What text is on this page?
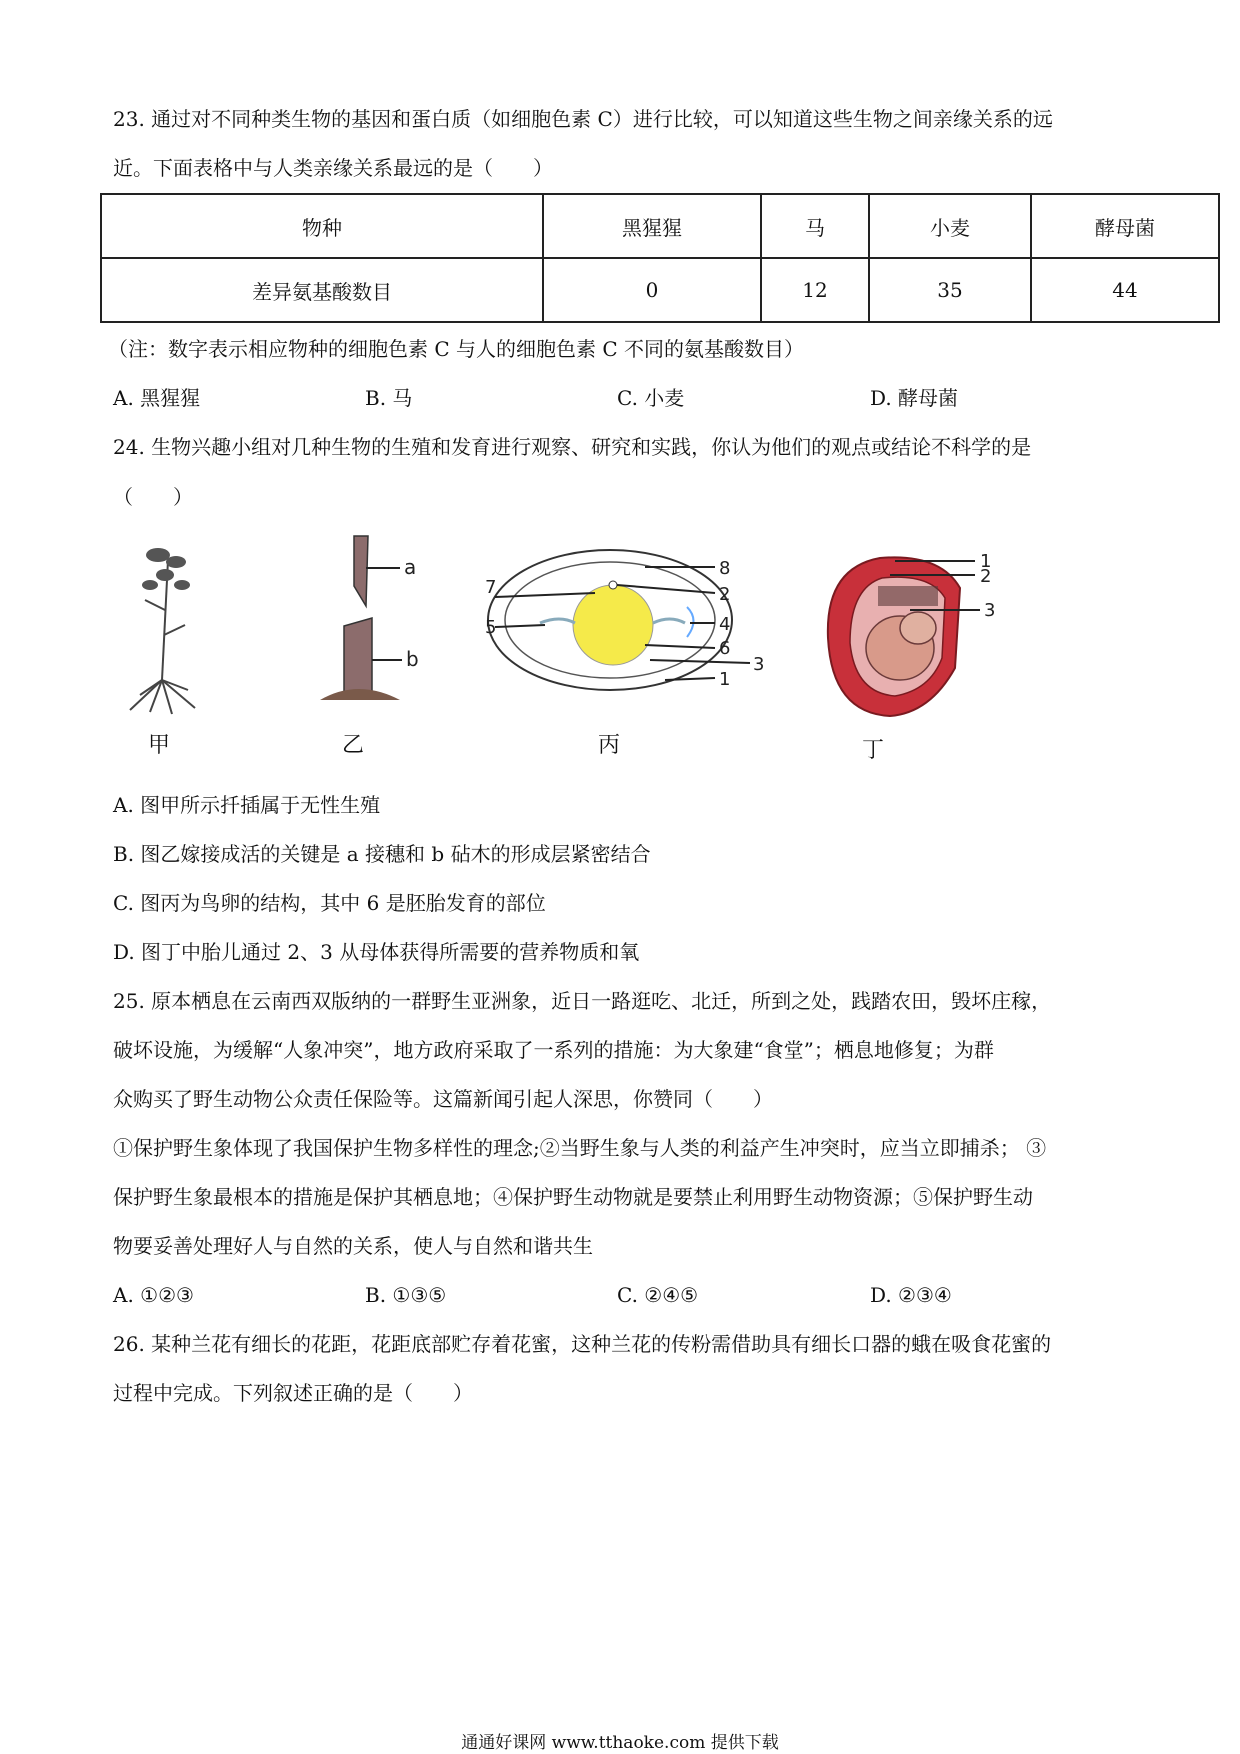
23. 通过对不同种类生物的基因和蛋白质（如细胞色素 C）进行比较，可以知道这些生物之间亲缘关系的远
近。下面表格中与人类亲缘关系最远的是（　　）
物种	黑猩猩	马	小麦	酵母菌
差异氨基酸数目	0	12	35	44
（注：数字表示相应物种的细胞色素 C 与人的细胞色素 C 不同的氨基酸数目）
A. 黑猩猩	B. 马	C. 小麦	D. 酵母菌
24. 生物兴趣小组对几种生物的生殖和发育进行观察、研究和实践，你认为他们的观点或结论不科学的是
（　　）
甲
a
b
乙
8
2
7
5	4
6
3
1
丙
1
2
3
丁
A. 图甲所示扦插属于无性生殖
B. 图乙嫁接成活的关键是 a 接穗和 b 砧木的形成层紧密结合
C. 图丙为鸟卵的结构，其中 6 是胚胎发育的部位
D. 图丁中胎儿通过 2、3 从母体获得所需要的营养物质和氧
25. 原本栖息在云南西双版纳的一群野生亚洲象，近日一路逛吃、北迁，所到之处，践踏农田，毁坏庄稼，
破坏设施，为缓解“人象冲突”，地方政府采取了一系列的措施：为大象建“食堂”；栖息地修复；为群
众购买了野生动物公众责任保险等。这篇新闻引起人深思，你赞同（　　）
①保护野生象体现了我国保护生物多样性的理念;②当野生象与人类的利益产生冲突时，应当立即捕杀； ③
保护野生象最根本的措施是保护其栖息地；④保护野生动物就是要禁止利用野生动物资源；⑤保护野生动
物要妥善处理好人与自然的关系，使人与自然和谐共生
A. ①②③	B. ①③⑤	C. ②④⑤	D. ②③④
26. 某种兰花有细长的花距，花距底部贮存着花蜜，这种兰花的传粉需借助具有细长口器的蛾在吸食花蜜的
过程中完成。下列叙述正确的是（　　）
通通好课网 www.tthaoke.com 提供下载
